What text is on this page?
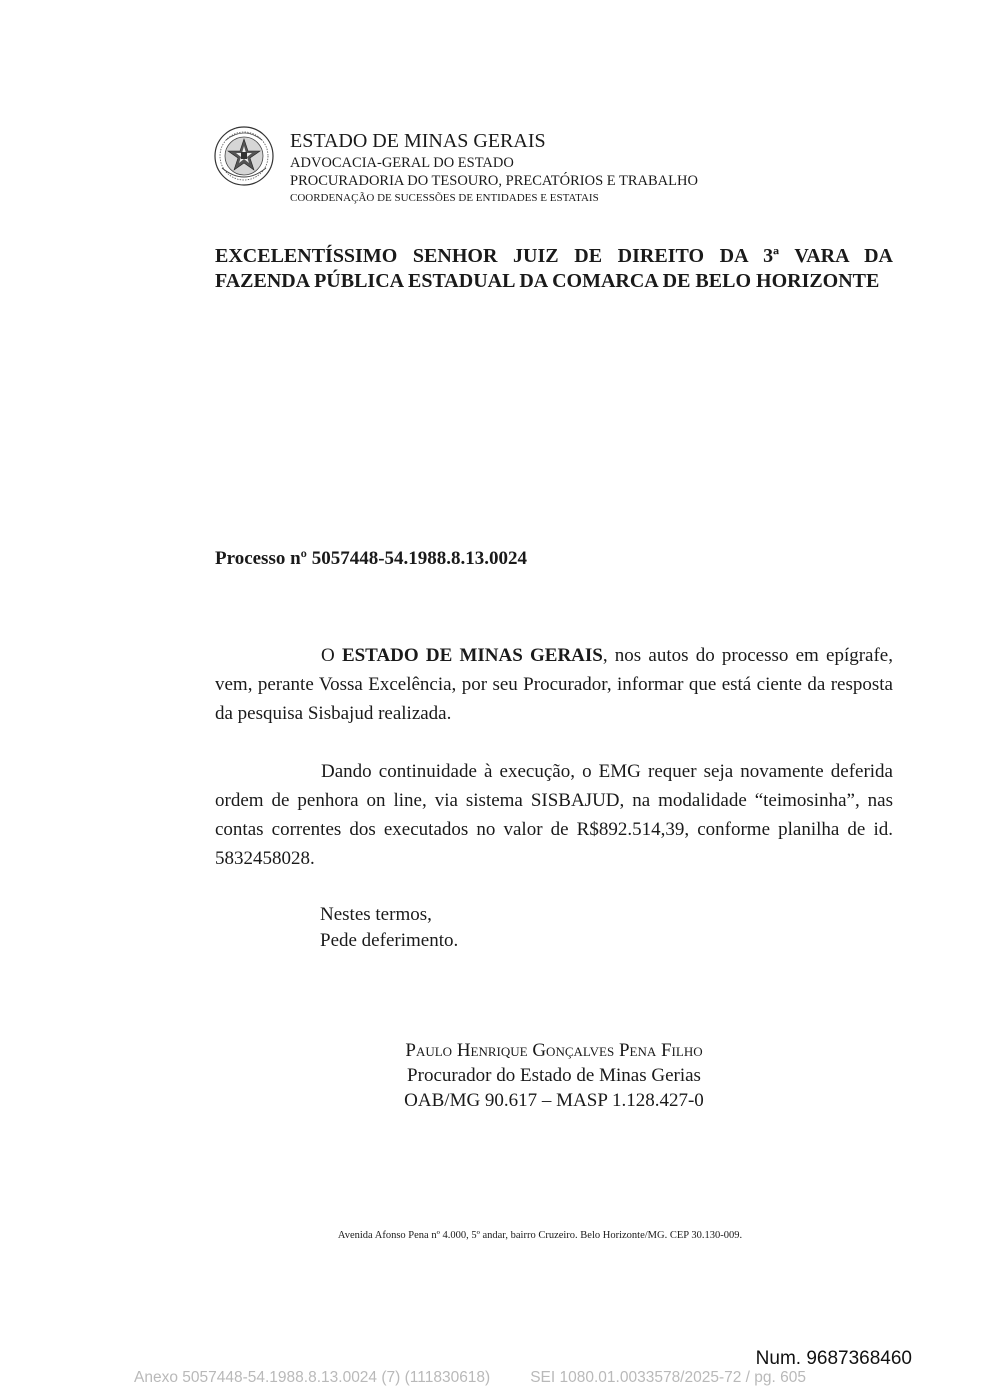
ESTADO DE MINAS GERAIS
ADVOCACIA-GERAL DO ESTADO
PROCURADORIA DO TESOURO, PRECATÓRIOS E TRABALHO
COORDENAÇÃO DE SUCESSÕES DE ENTIDADES E ESTATAIS
EXCELENTÍSSIMO SENHOR JUIZ DE DIREITO DA 3ª VARA DA FAZENDA PÚBLICA ESTADUAL DA COMARCA DE BELO HORIZONTE
Processo nº 5057448-54.1988.8.13.0024

O ESTADO DE MINAS GERAIS, nos autos do processo em epígrafe, vem, perante Vossa Excelência, por seu Procurador, informar que está ciente da resposta da pesquisa Sisbajud realizada.

Dando continuidade à execução, o EMG requer seja novamente deferida ordem de penhora on line, via sistema SISBAJUD, na modalidade “teimosinha”, nas contas correntes dos executados no valor de R$892.514,39, conforme planilha de id. 5832458028.

Nestes termos,
Pede deferimento.
Paulo Henrique Gonçalves Pena Filho
Procurador do Estado de Minas Gerias
OAB/MG 90.617 – MASP 1.128.427-0
Avenida Afonso Pena nº 4.000, 5º andar, bairro Cruzeiro. Belo Horizonte/MG. CEP 30.130-009.
Num. 9687368460
Anexo 5057448-54.1988.8.13.0024 (7) (111830618)	SEI 1080.01.0033578/2025-72 / pg. 605
